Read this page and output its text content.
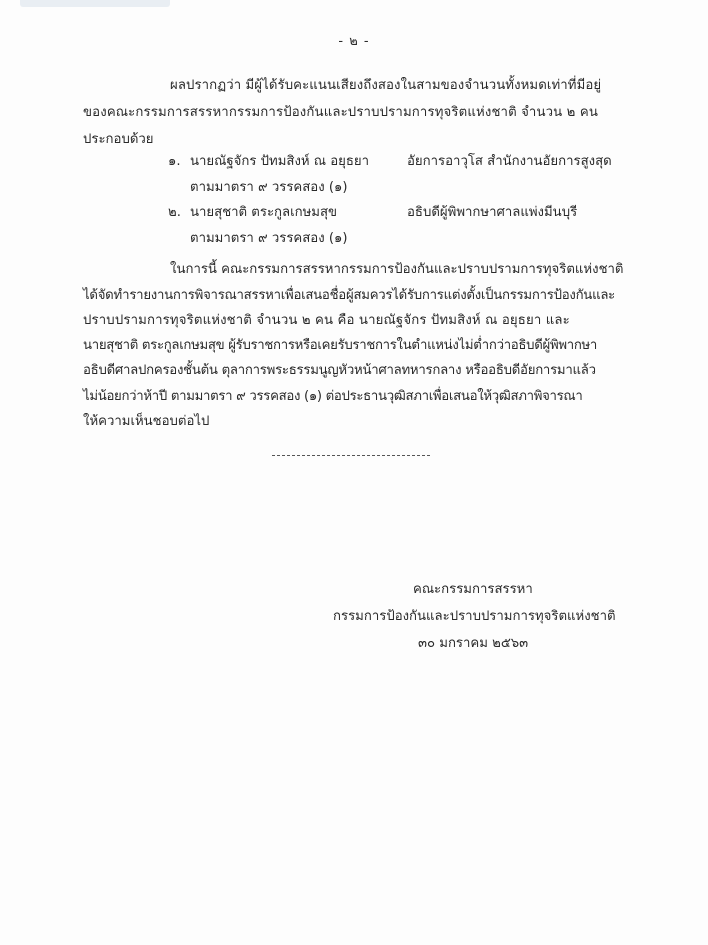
- ๒ -
ผลปรากฏว่า มีผู้ได้รับคะแนนเสียงถึงสองในสามของจำนวนทั้งหมดเท่าที่มีอยู่
ของคณะกรรมการสรรหากรรมการป้องกันและปราบปรามการทุจริตแห่งชาติ จำนวน ๒ คน
ประกอบด้วย
๑. นายณัฐจักร ปัทมสิงห์ ณ อยุธยา	อัยการอาวุโส สำนักงานอัยการสูงสุด
ตามมาตรา ๙ วรรคสอง (๑)
๒. นายสุชาติ ตระกูลเกษมสุข	อธิบดีผู้พิพากษาศาลแพ่งมีนบุรี
ตามมาตรา ๙ วรรคสอง (๑)
ในการนี้ คณะกรรมการสรรหากรรมการป้องกันและปราบปรามการทุจริตแห่งชาติ
ได้จัดทำรายงานการพิจารณาสรรหาเพื่อเสนอชื่อผู้สมควรได้รับการแต่งตั้งเป็นกรรมการป้องกันและ
ปราบปรามการทุจริตแห่งชาติ จำนวน ๒ คน คือ นายณัฐจักร ปัทมสิงห์ ณ อยุธยา และ
นายสุชาติ ตระกูลเกษมสุข ผู้รับราชการหรือเคยรับราชการในตำแหน่งไม่ต่ำกว่าอธิบดีผู้พิพากษา
อธิบดีศาลปกครองชั้นต้น ตุลาการพระธรรมนูญหัวหน้าศาลทหารกลาง หรืออธิบดีอัยการมาแล้ว
ไม่น้อยกว่าห้าปี ตามมาตรา ๙ วรรคสอง (๑) ต่อประธานวุฒิสภาเพื่อเสนอให้วุฒิสภาพิจารณา
ให้ความเห็นชอบต่อไป
คณะกรรมการสรรหา
กรรมการป้องกันและปราบปรามการทุจริตแห่งชาติ
๓๐ มกราคม ๒๕๖๓
